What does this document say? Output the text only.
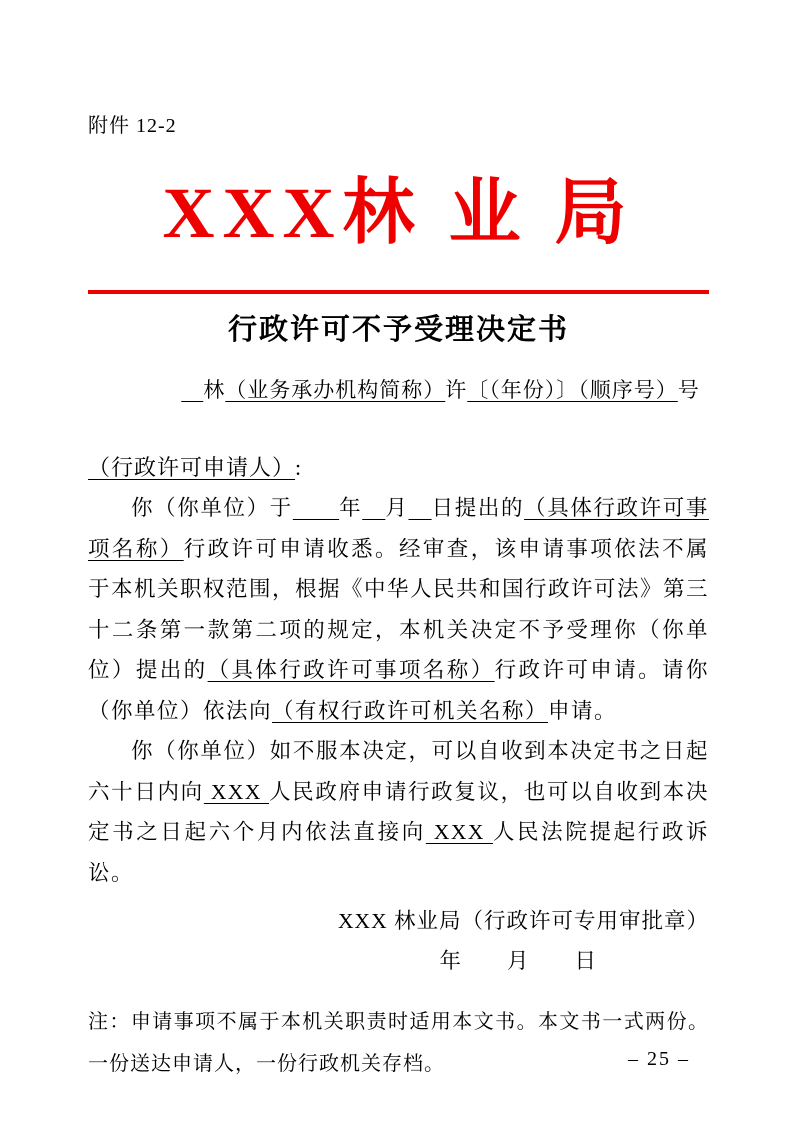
附件 12-2
XXX林 业 局
行政许可不予受理决定书
　林（业务承办机构简称）许〔（年份）〕（顺序号）号
（行政许可申请人）:

你（你单位）于　　 年　 月　 日提出的（具体行政许可事项名称）行政许可申请收悉。经审查，该申请事项依法不属于本机关职权范围，根据《中华人民共和国行政许可法》第三十二条第一款第二项的规定，本机关决定不予受理你（你单位）提出的（具体行政许可事项名称）行政许可申请。请你（你单位）依法向（有权行政许可机关名称）申请。

你（你单位）如不服本决定，可以自收到本决定书之日起六十日内向 XXX 人民政府申请行政复议，也可以自收到本决定书之日起六个月内依法直接向 XXX 人民法院提起行政诉讼。

XXX 林业局（行政许可专用审批章）
年　　月　　日

注：申请事项不属于本机关职责时适用本文书。本文书一式两份。一份送达申请人，一份行政机关存档。	– 25 –
